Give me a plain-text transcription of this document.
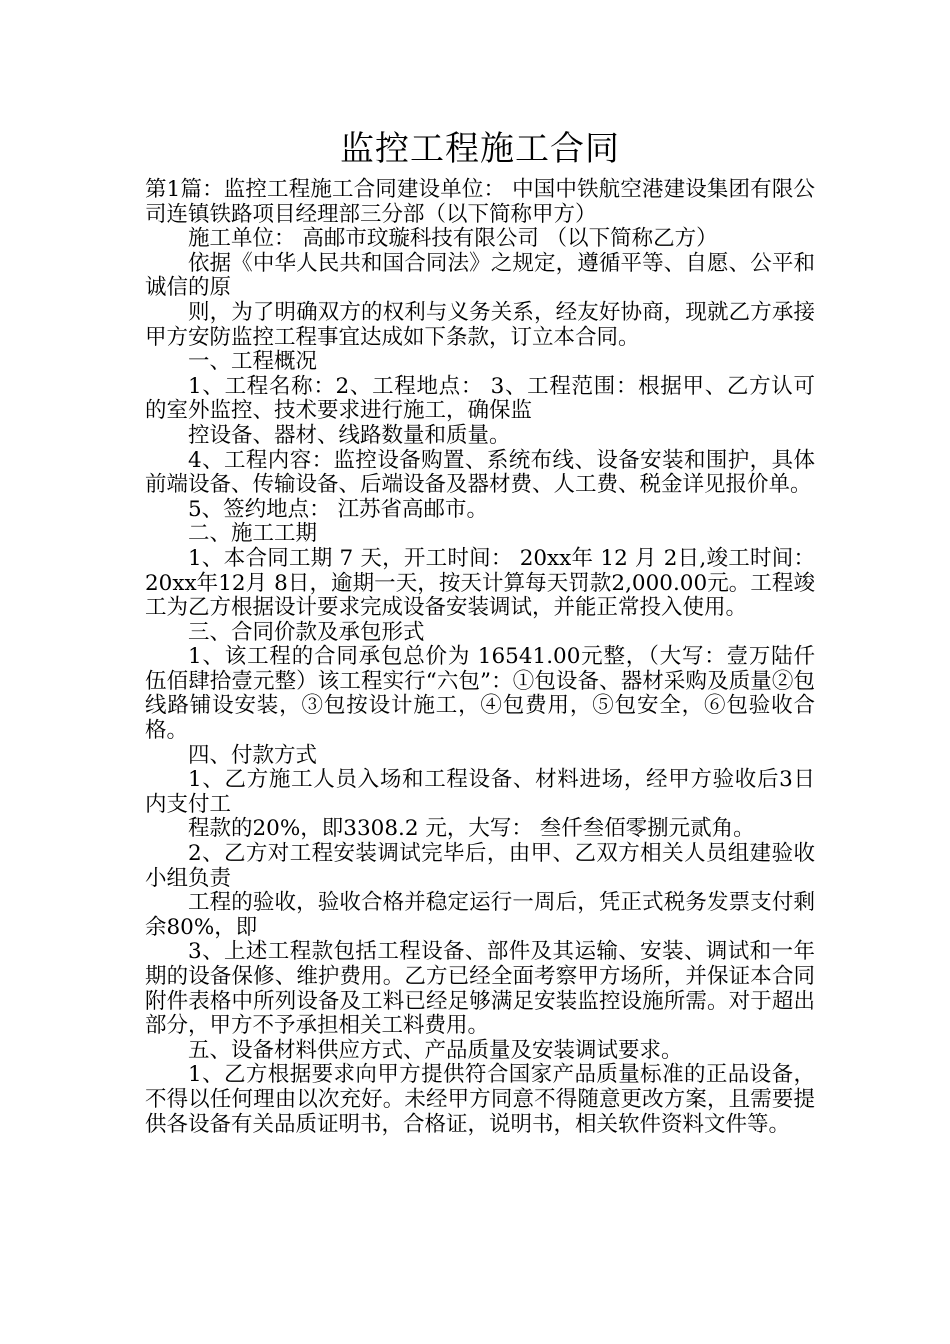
监控工程施工合同

第1篇：监控工程施工合同建设单位： 中国中铁航空港建设集团有限公司连镇铁路项目经理部三分部（以下简称甲方）

施工单位： 高邮市玟璇科技有限公司 （以下简称乙方）

依据《中华人民共和国合同法》之规定，遵循平等、自愿、公平和诚信的原

则，为了明确双方的权利与义务关系，经友好协商，现就乙方承接甲方安防监控工程事宜达成如下条款，订立本合同。

一、工程概况

1、工程名称：2、工程地点： 3、工程范围：根据甲、乙方认可的室外监控、技术要求进行施工，确保监

控设备、器材、线路数量和质量。

4、工程内容：监控设备购置、系统布线、设备安装和围护，具体前端设备、传输设备、后端设备及器材费、人工费、税金详见报价单。

5、签约地点： 江苏省高邮市。

二、施工工期

1、本合同工期 7 天，开工时间： 20xx年 12 月 2日,竣工时间： 20xx年12月 8日，逾期一天，按天计算每天罚款2,000.00元。工程竣工为乙方根据设计要求完成设备安装调试，并能正常投入使用。

三、合同价款及承包形式

1、该工程的合同承包总价为 16541.00元整，（大写：壹万陆仟伍佰肆拾壹元整）该工程实行“六包”：①包设备、器材采购及质量②包线路铺设安装，③包按设计施工，④包费用，⑤包安全，⑥包验收合格。

四、付款方式

1、乙方施工人员入场和工程设备、材料进场，经甲方验收后3日内支付工

程款的20%，即3308.2 元，大写： 叁仟叁佰零捌元贰角。

2、乙方对工程安装调试完毕后，由甲、乙双方相关人员组建验收小组负责

工程的验收，验收合格并稳定运行一周后，凭正式税务发票支付剩余80%，即

3、上述工程款包括工程设备、部件及其运输、安装、调试和一年期的设备保修、维护费用。乙方已经全面考察甲方场所，并保证本合同附件表格中所列设备及工料已经足够满足安装监控设施所需。对于超出部分，甲方不予承担相关工料费用。

五、设备材料供应方式、产品质量及安装调试要求。

1、乙方根据要求向甲方提供符合国家产品质量标准的正品设备，不得以任何理由以次充好。未经甲方同意不得随意更改方案，且需要提供各设备有关品质证明书，合格证，说明书，相关软件资料文件等。
